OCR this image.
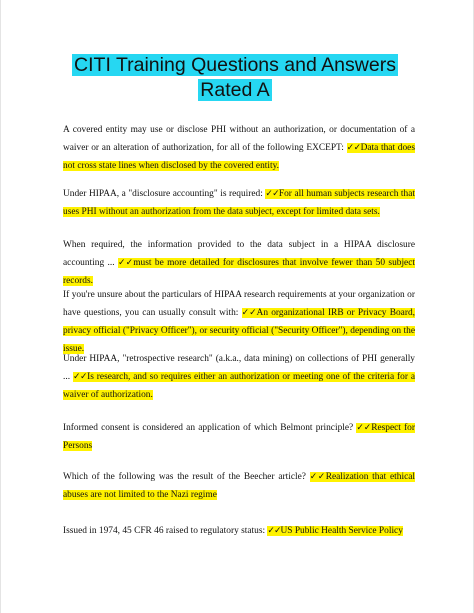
CITI Training Questions and Answers Rated A
A covered entity may use or disclose PHI without an authorization, or documentation of a waiver or an alteration of authorization, for all of the following EXCEPT: ✓✓Data that does not cross state lines when disclosed by the covered entity.
Under HIPAA, a "disclosure accounting" is required: ✓✓For all human subjects research that uses PHI without an authorization from the data subject, except for limited data sets.
When required, the information provided to the data subject in a HIPAA disclosure accounting ... ✓✓must be more detailed for disclosures that involve fewer than 50 subject records.
If you're unsure about the particulars of HIPAA research requirements at your organization or have questions, you can usually consult with: ✓✓An organizational IRB or Privacy Board, privacy official ("Privacy Officer"), or security official ("Security Officer"), depending on the issue.
Under HIPAA, "retrospective research" (a.k.a., data mining) on collections of PHI generally ... ✓✓Is research, and so requires either an authorization or meeting one of the criteria for a waiver of authorization.
Informed consent is considered an application of which Belmont principle? ✓✓Respect for Persons
Which of the following was the result of the Beecher article? ✓✓Realization that ethical abuses are not limited to the Nazi regime
Issued in 1974, 45 CFR 46 raised to regulatory status: ✓✓US Public Health Service Policy
